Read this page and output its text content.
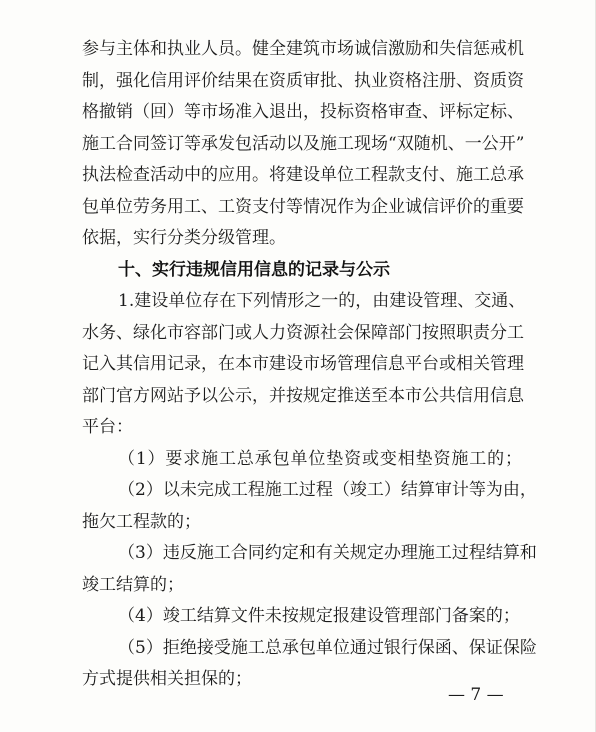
参与主体和执业人员。健全建筑市场诚信激励和失信惩戒机
制，强化信用评价结果在资质审批、执业资格注册、资质资
格撤销（回）等市场准入退出，投标资格审查、评标定标、
施工合同签订等承发包活动以及施工现场“双随机、一公开”
执法检查活动中的应用。将建设单位工程款支付、施工总承
包单位劳务用工、工资支付等情况作为企业诚信评价的重要
依据，实行分类分级管理。
十、实行违规信用信息的记录与公示
1.建设单位存在下列情形之一的，由建设管理、交通、
水务、绿化市容部门或人力资源社会保障部门按照职责分工
记入其信用记录，在本市建设市场管理信息平台或相关管理
部门官方网站予以公示，并按规定推送至本市公共信用信息
平台：
（1）要求施工总承包单位垫资或变相垫资施工的；
（2）以未完成工程施工过程（竣工）结算审计等为由，
拖欠工程款的；
（3）违反施工合同约定和有关规定办理施工过程结算和
竣工结算的；
（4）竣工结算文件未按规定报建设管理部门备案的；
（5）拒绝接受施工总承包单位通过银行保函、保证保险
方式提供相关担保的；
— 7 —
